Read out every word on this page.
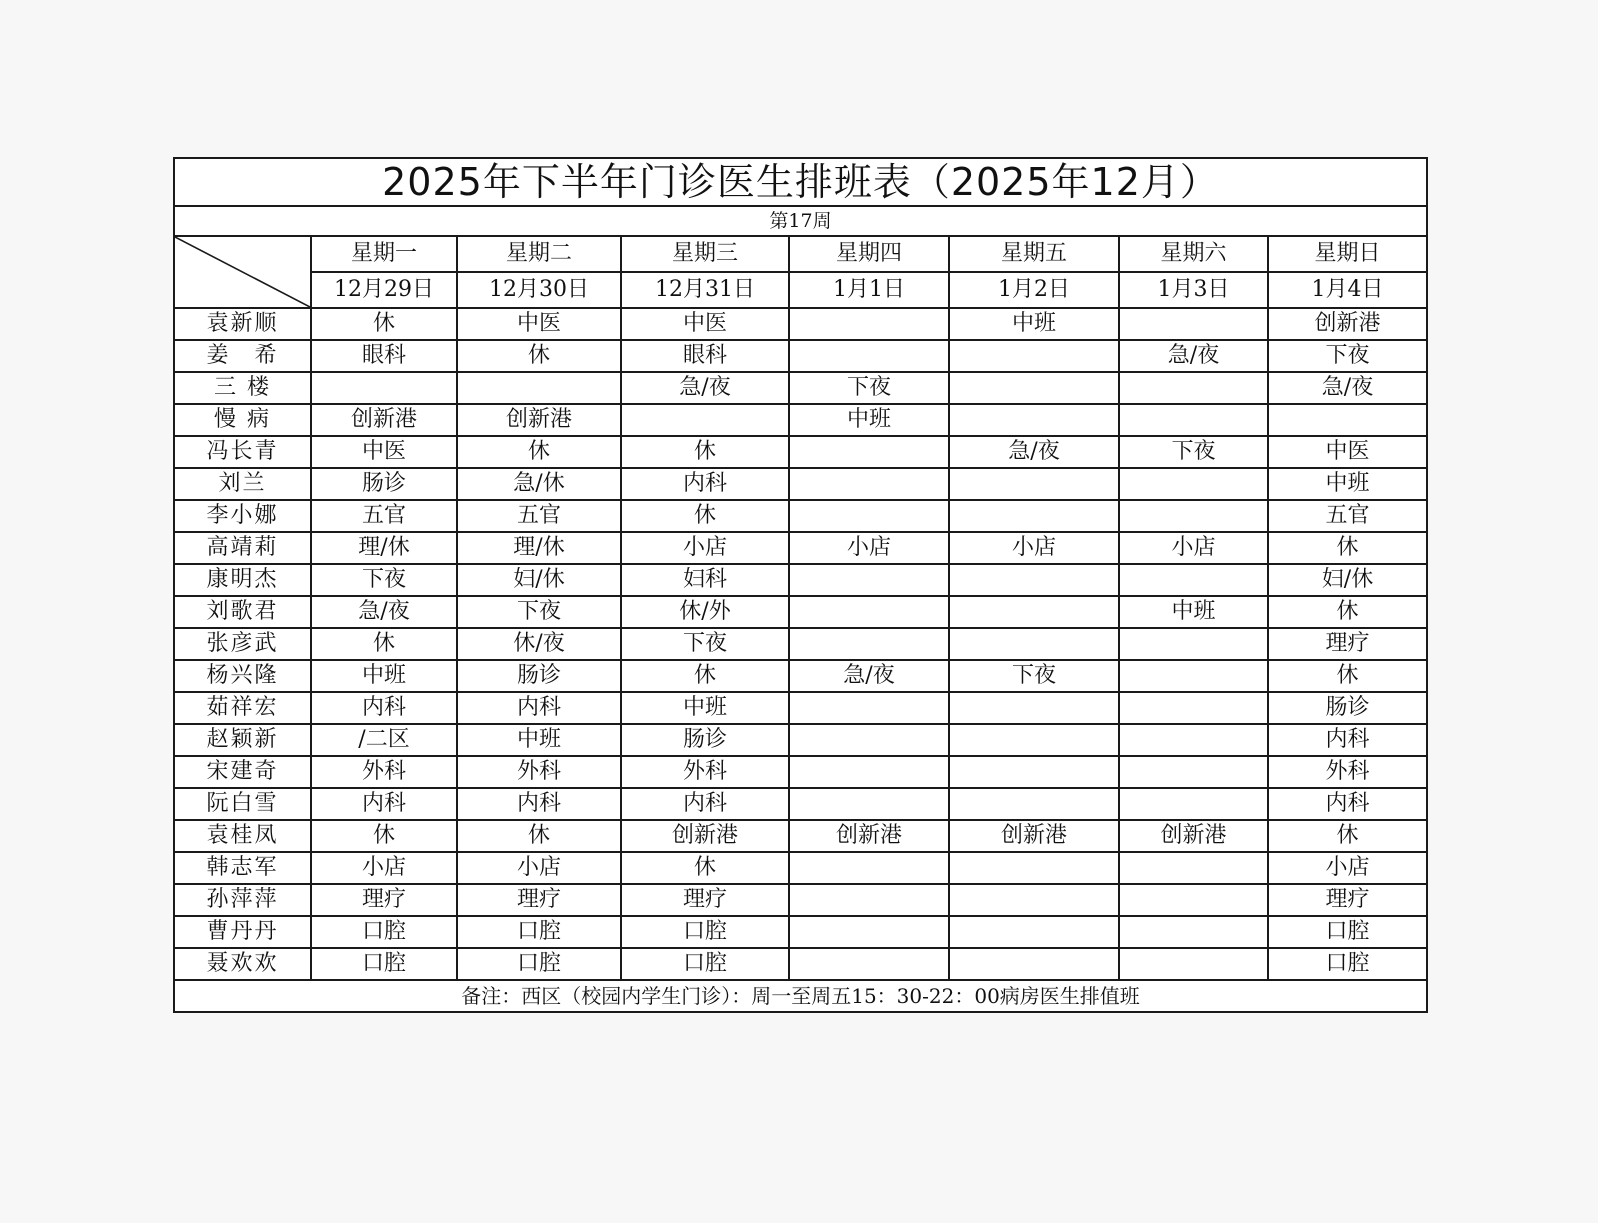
2025年下半年门诊医生排班表（2025年12月）							
第17周							

	星期一	星期二	星期三	星期四	星期五	星期六	星期日
	12月29日	12月30日	12月31日	1月1日	1月2日	1月3日	1月4日
袁新顺	休	中医	中医		中班		创新港
姜　希	眼科	休	眼科			急/夜	下夜
三 楼			急/夜	下夜			急/夜
慢 病	创新港	创新港		中班			
冯长青	中医	休	休		急/夜	下夜	中医
刘兰	肠诊	急/休	内科				中班
李小娜	五官	五官	休				五官
高靖莉	理/休	理/休	小店	小店	小店	小店	休
康明杰	下夜	妇/休	妇科				妇/休
刘歌君	急/夜	下夜	休/外			中班	休
张彦武	休	休/夜	下夜				理疗
杨兴隆	中班	肠诊	休	急/夜	下夜		休
茹祥宏	内科	内科	中班				肠诊
赵颖新	/二区	中班	肠诊				内科
宋建奇	外科	外科	外科				外科
阮白雪	内科	内科	内科				内科
袁桂凤	休	休	创新港	创新港	创新港	创新港	休
韩志军	小店	小店	休				小店
孙萍萍	理疗	理疗	理疗				理疗
曹丹丹	口腔	口腔	口腔				口腔
聂欢欢	口腔	口腔	口腔				口腔
备注：西区（校园内学生门诊）：周一至周五15：30-22：00病房医生排值班							
